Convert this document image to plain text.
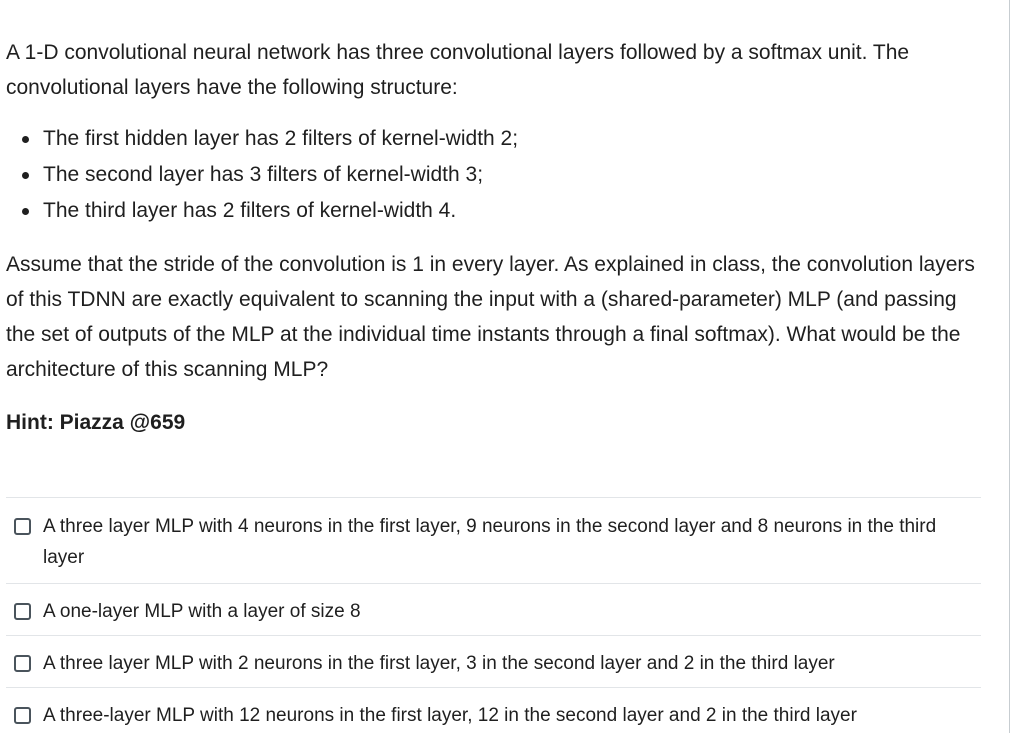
A 1-D convolutional neural network has three convolutional layers followed by a softmax unit. The convolutional layers have the following structure:

The first hidden layer has 2 filters of kernel-width 2;
The second layer has 3 filters of kernel-width 3;
The third layer has 2 filters of kernel-width 4.

Assume that the stride of the convolution is 1 in every layer. As explained in class, the convolution layers of this TDNN are exactly equivalent to scanning the input with a (shared-parameter) MLP (and passing the set of outputs of the MLP at the individual time instants through a final softmax). What would be the architecture of this scanning MLP?

Hint: Piazza @659

A three layer MLP with 4 neurons in the first layer, 9 neurons in the second layer and 8 neurons in the third layer
A one-layer MLP with a layer of size 8
A three layer MLP with 2 neurons in the first layer, 3 in the second layer and 2 in the third layer
A three-layer MLP with 12 neurons in the first layer, 12 in the second layer and 2 in the third layer
